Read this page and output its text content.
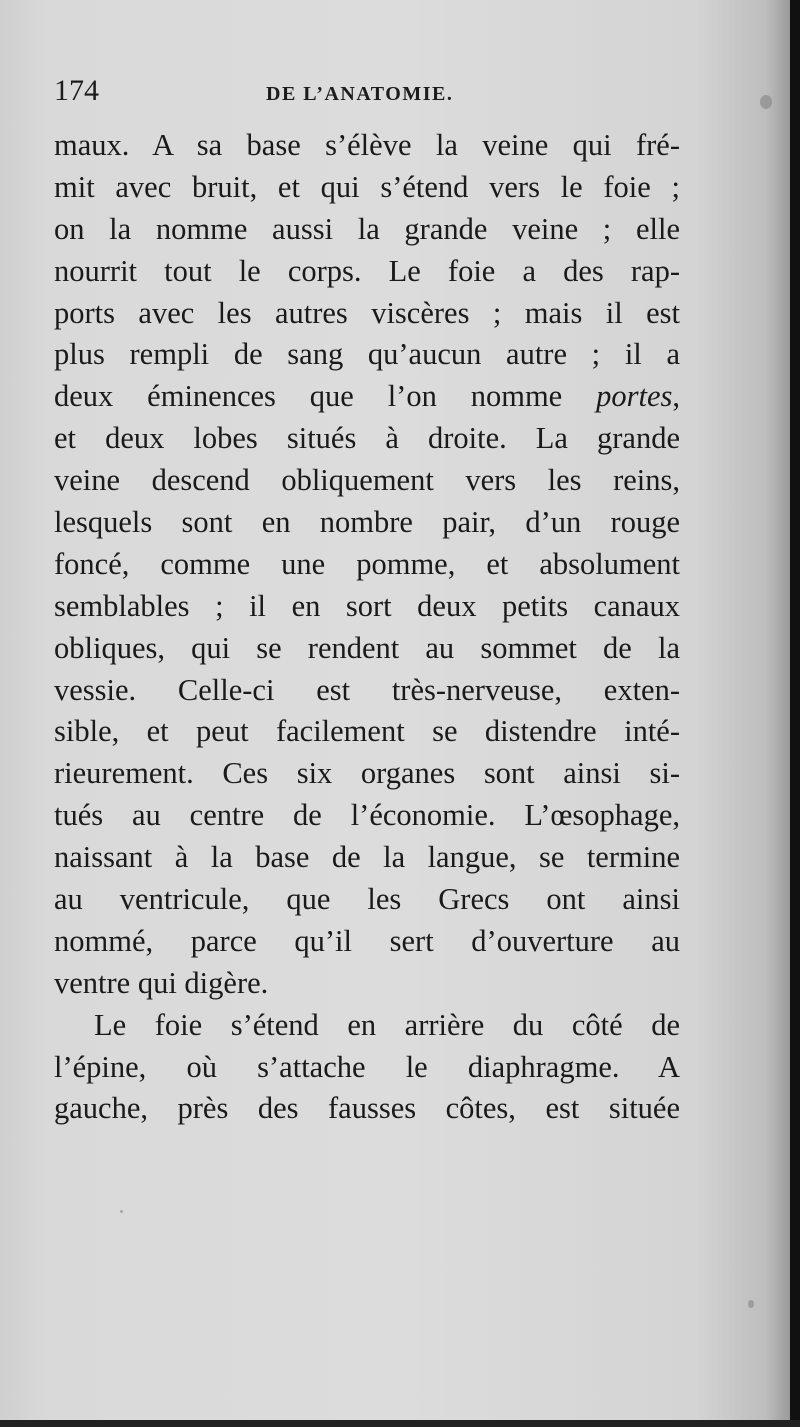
174	DE L’ANATOMIE.
maux. A sa base s’élève la veine qui fré-
mit avec bruit, et qui s’étend vers le foie ;
on la nomme aussi la grande veine ; elle
nourrit tout le corps. Le foie a des rap-
ports avec les autres viscères ; mais il est
plus rempli de sang qu’aucun autre ; il a
deux éminences que l’on nomme portes,
et deux lobes situés à droite. La grande
veine descend obliquement vers les reins,
lesquels sont en nombre pair, d’un rouge
foncé, comme une pomme, et absolument
semblables ; il en sort deux petits canaux
obliques, qui se rendent au sommet de la
vessie. Celle-ci est très-nerveuse, exten-
sible, et peut facilement se distendre inté-
rieurement. Ces six organes sont ainsi si-
tués au centre de l’économie. L’œsophage,
naissant à la base de la langue, se termine
au ventricule, que les Grecs ont ainsi
nommé, parce qu’il sert d’ouverture au
ventre qui digère.
Le foie s’étend en arrière du côté de
l’épine, où s’attache le diaphragme. A
gauche, près des fausses côtes, est située
